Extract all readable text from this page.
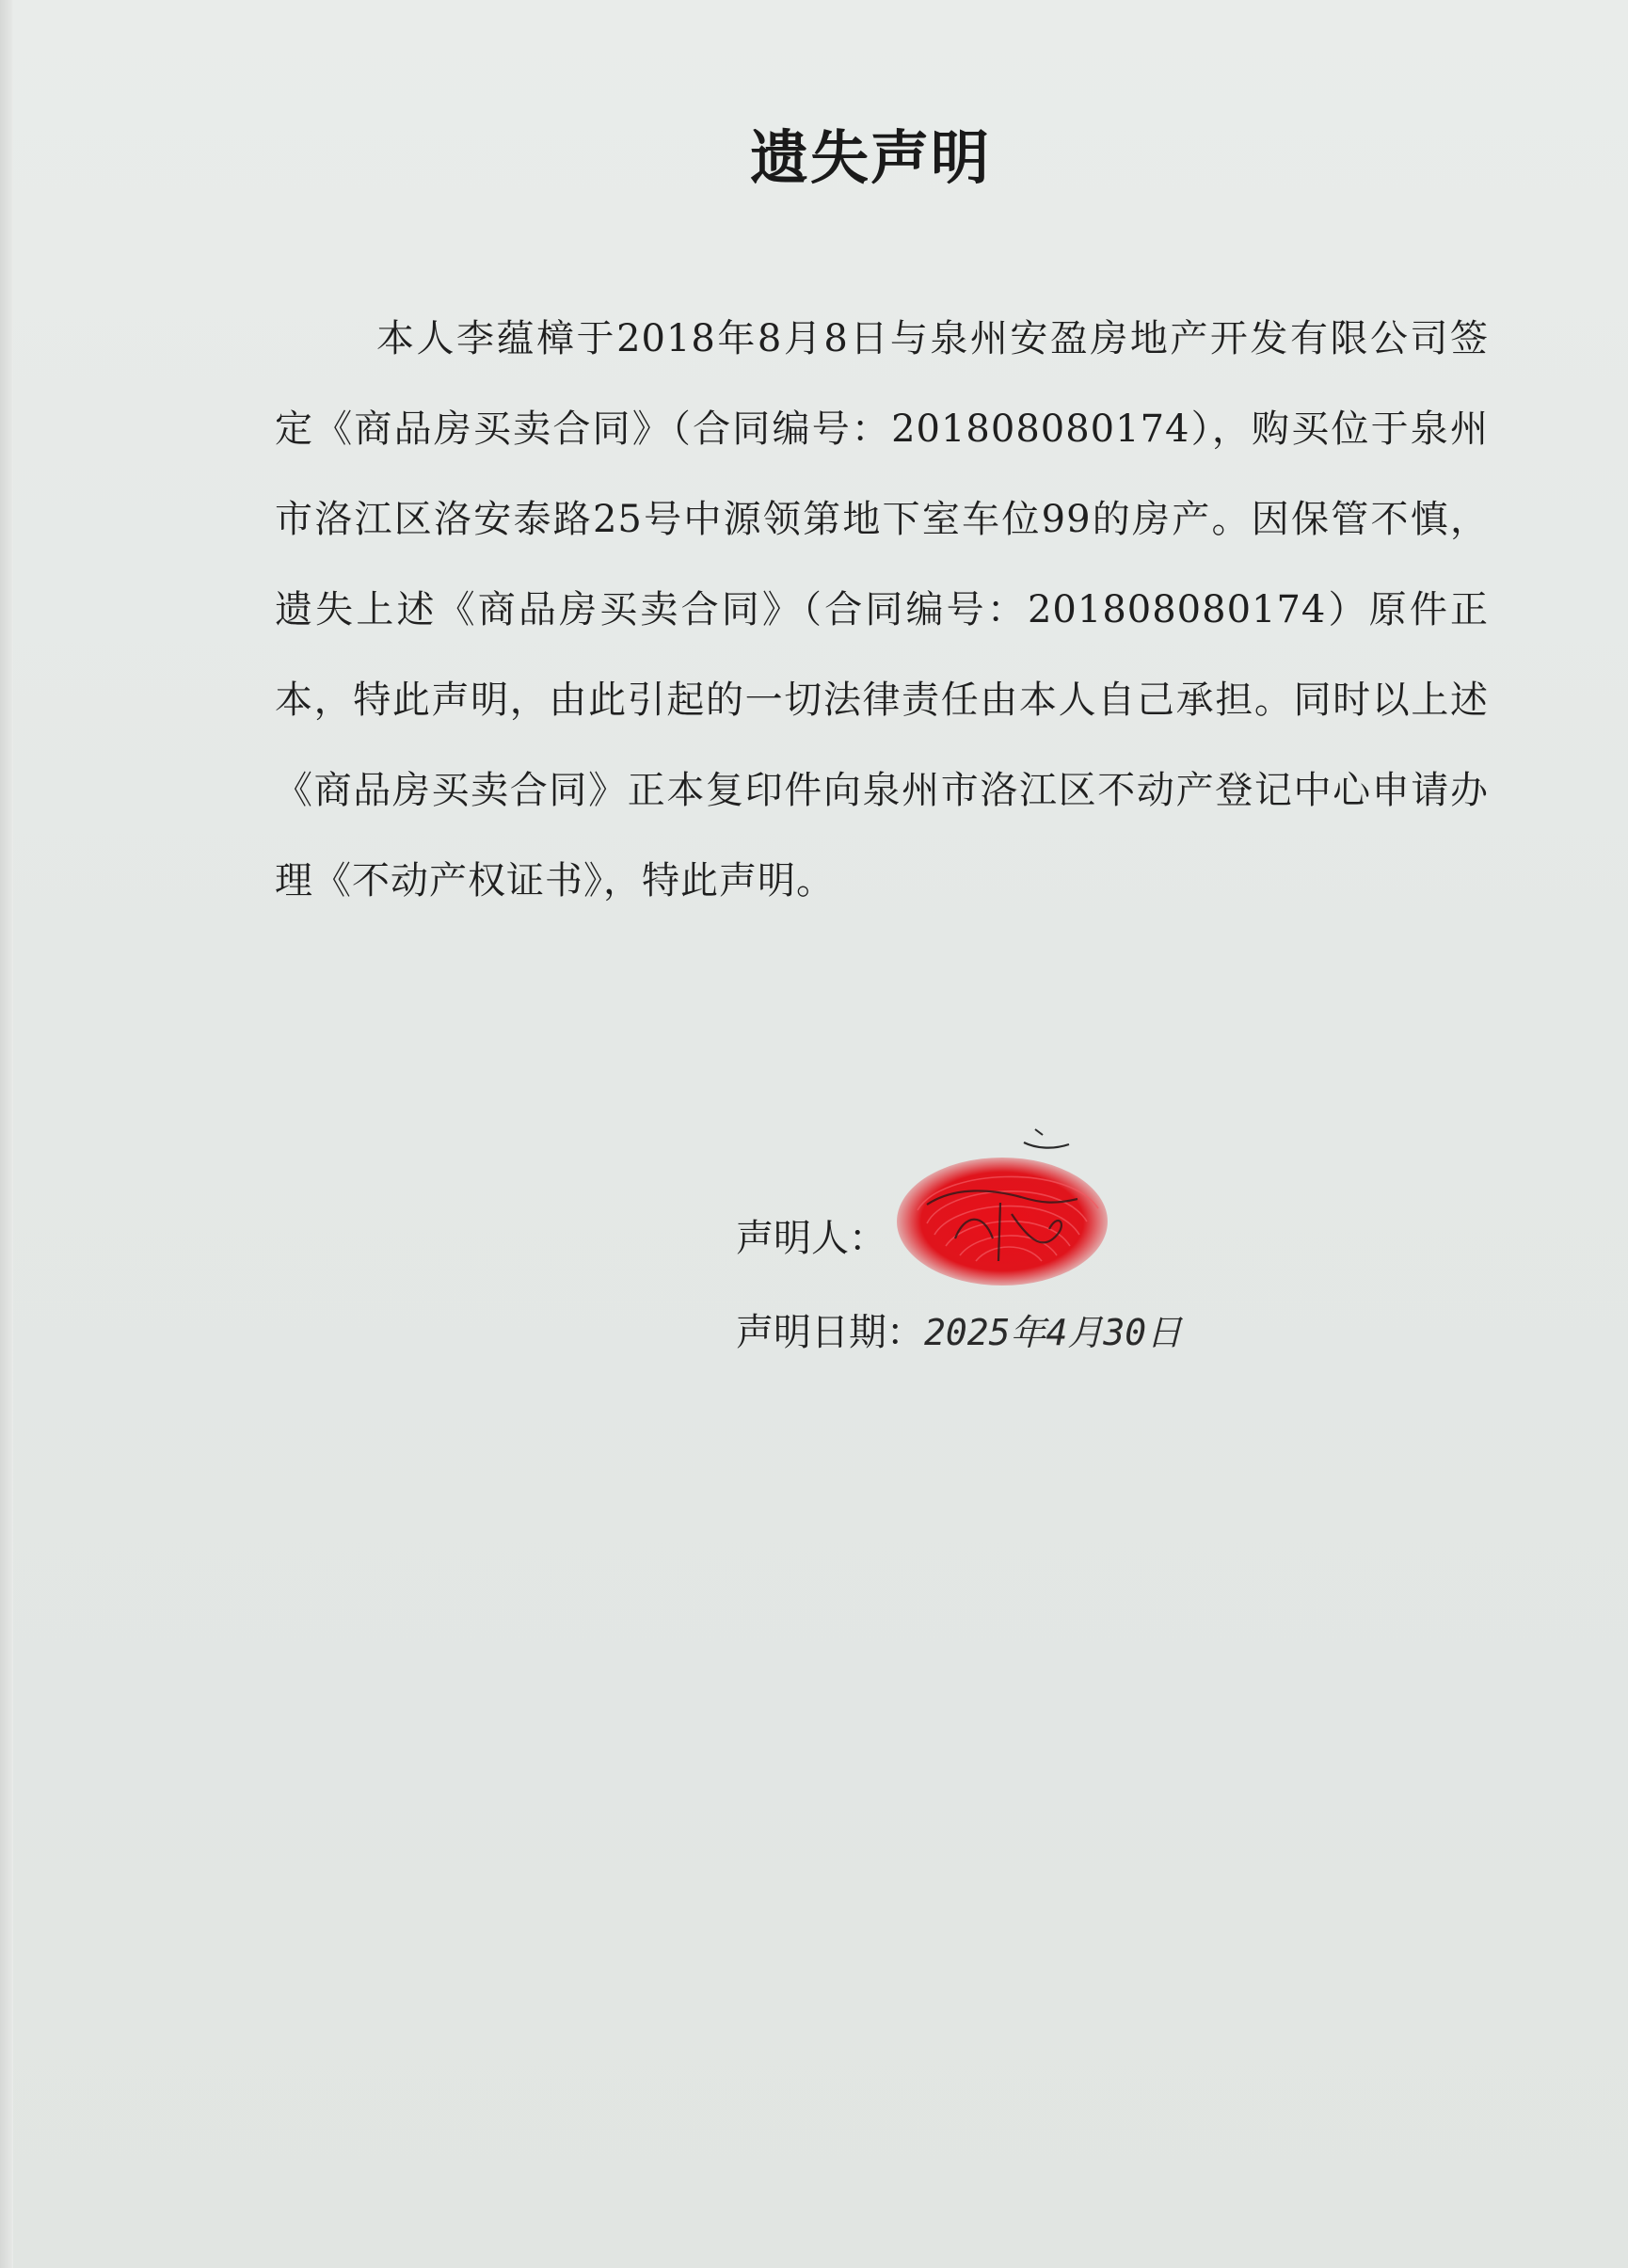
遗失声明

本人李蕴樟于2018年8月8日与泉州安盈房地产开发有限公司签定《商品房买卖合同》（合同编号：201808080174），购买位于泉州市洛江区洛安泰路25号中源领第地下室车位99的房产。因保管不慎，遗失上述《商品房买卖合同》（合同编号：201808080174）原件正本，特此声明，由此引起的一切法律责任由本人自己承担。同时以上述《商品房买卖合同》正本复印件向泉州市洛江区不动产登记中心申请办理《不动产权证书》，特此声明。

声明人：
声明日期：2025年4月30日
